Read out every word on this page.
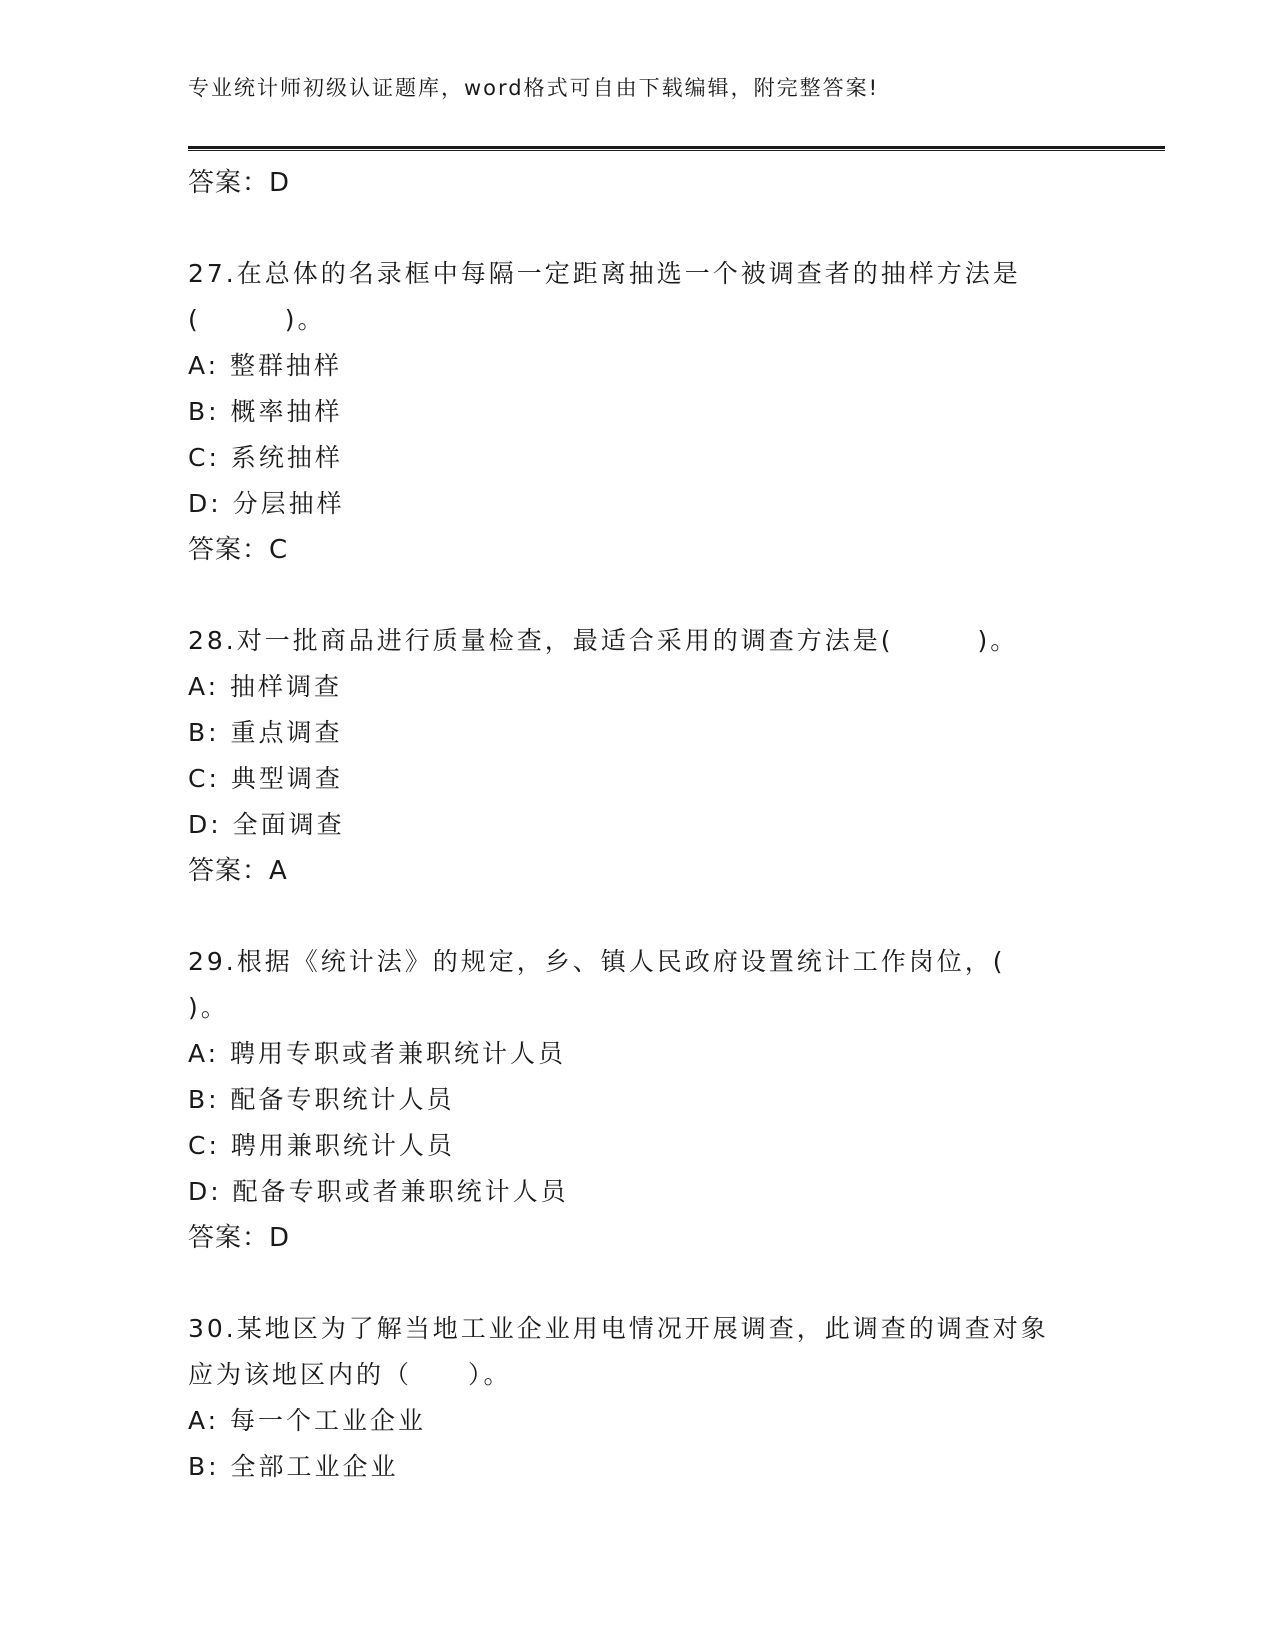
专业统计师初级认证题库，word格式可自由下载编辑，附完整答案!
答案：D
27.在总体的名录框中每隔一定距离抽选一个被调查者的抽样方法是
(　　　)。
A: 整群抽样
B: 概率抽样
C: 系统抽样
D: 分层抽样
答案：C
28.对一批商品进行质量检查，最适合采用的调查方法是(　　　)。
A: 抽样调查
B: 重点调查
C: 典型调查
D: 全面调查
答案：A
29.根据《统计法》的规定，乡、镇人民政府设置统计工作岗位，(
)。
A: 聘用专职或者兼职统计人员
B: 配备专职统计人员
C: 聘用兼职统计人员
D: 配备专职或者兼职统计人员
答案：D
30.某地区为了解当地工业企业用电情况开展调查，此调查的调查对象
应为该地区内的（　　）。
A: 每一个工业企业
B: 全部工业企业
